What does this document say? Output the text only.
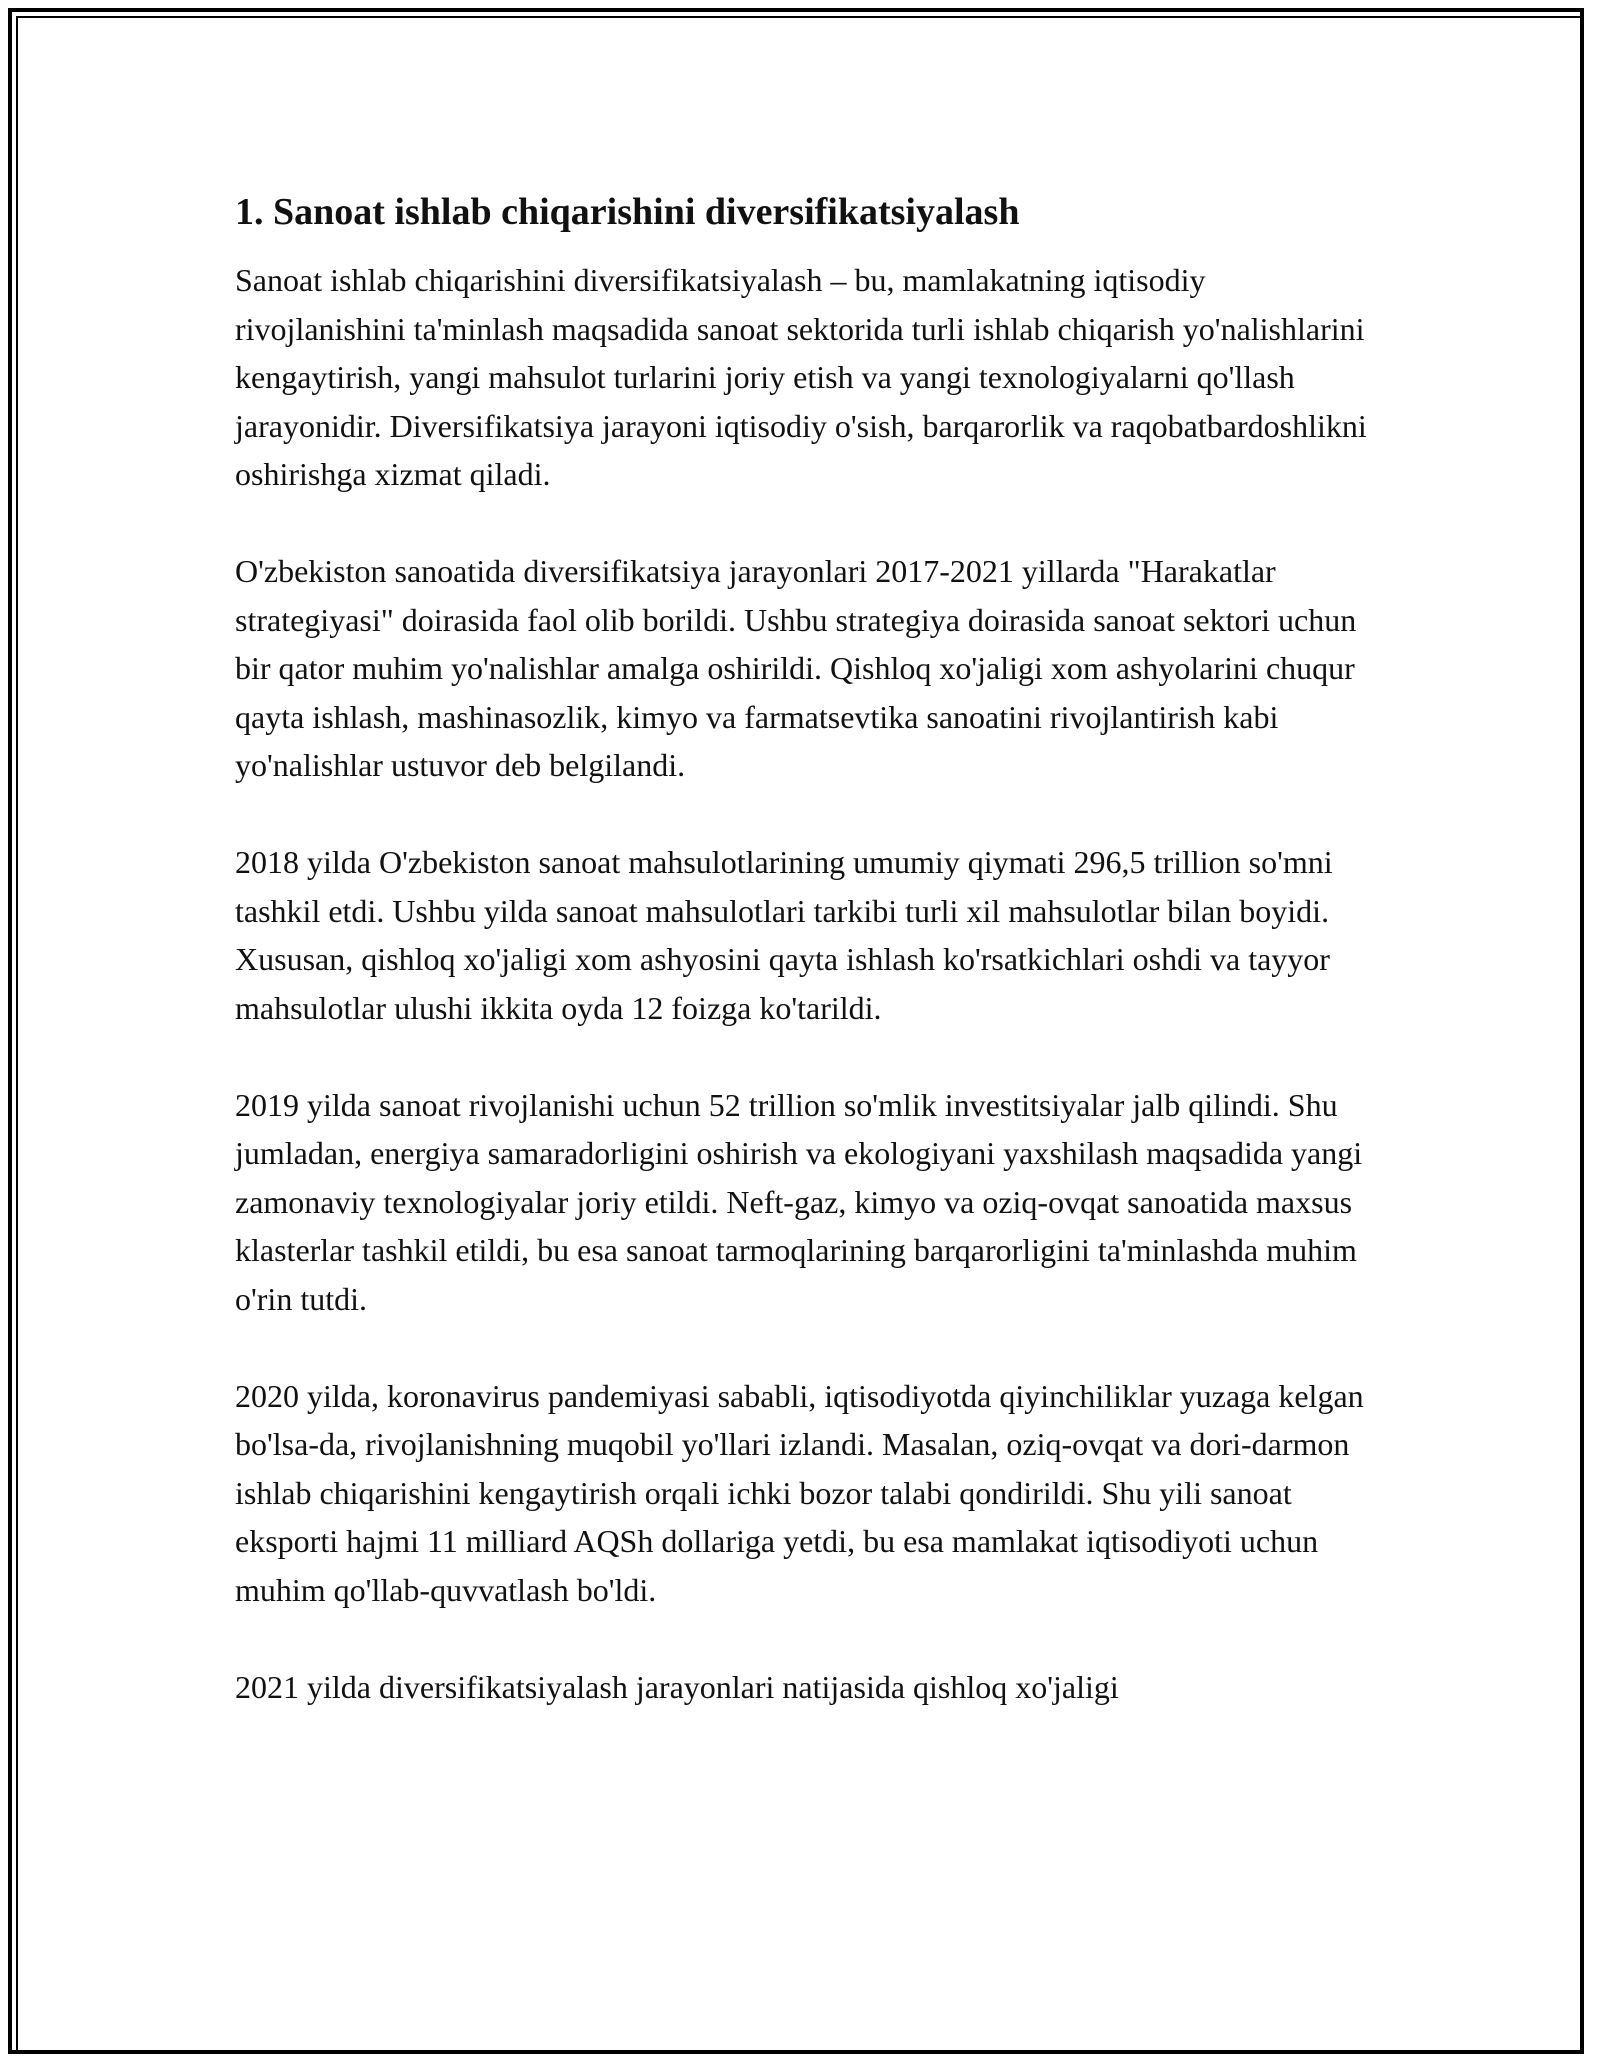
1. Sanoat ishlab chiqarishini diversifikatsiyalash

Sanoat ishlab chiqarishini diversifikatsiyalash – bu, mamlakatning iqtisodiy rivojlanishini ta'minlash maqsadida sanoat sektorida turli ishlab chiqarish yo'nalishlarini kengaytirish, yangi mahsulot turlarini joriy etish va yangi texnologiyalarni qo'llash jarayonidir. Diversifikatsiya jarayoni iqtisodiy o'sish, barqarorlik va raqobatbardoshlikni oshirishga xizmat qiladi.

O'zbekiston sanoatida diversifikatsiya jarayonlari 2017-2021 yillarda "Harakatlar strategiyasi" doirasida faol olib borildi. Ushbu strategiya doirasida sanoat sektori uchun bir qator muhim yo'nalishlar amalga oshirildi. Qishloq xo'jaligi xom ashyolarini chuqur qayta ishlash, mashinasozlik, kimyo va farmatsevtika sanoatini rivojlantirish kabi yo'nalishlar ustuvor deb belgilandi.

2018 yilda O'zbekiston sanoat mahsulotlarining umumiy qiymati 296,5 trillion so'mni tashkil etdi. Ushbu yilda sanoat mahsulotlari tarkibi turli xil mahsulotlar bilan boyidi. Xususan, qishloq xo'jaligi xom ashyosini qayta ishlash ko'rsatkichlari oshdi va tayyor mahsulotlar ulushi ikkita oyda 12 foizga ko'tarildi.

2019 yilda sanoat rivojlanishi uchun 52 trillion so'mlik investitsiyalar jalb qilindi. Shu jumladan, energiya samaradorligini oshirish va ekologiyani yaxshilash maqsadida yangi zamonaviy texnologiyalar joriy etildi. Neft-gaz, kimyo va oziq-ovqat sanoatida maxsus klasterlar tashkil etildi, bu esa sanoat tarmoqlarining barqarorligini ta'minlashda muhim o'rin tutdi.

2020 yilda, koronavirus pandemiyasi sababli, iqtisodiyotda qiyinchiliklar yuzaga kelgan bo'lsa-da, rivojlanishning muqobil yo'llari izlandi. Masalan, oziq-ovqat va dori-darmon ishlab chiqarishini kengaytirish orqali ichki bozor talabi qondirildi. Shu yili sanoat eksporti hajmi 11 milliard AQSh dollariga yetdi, bu esa mamlakat iqtisodiyoti uchun muhim qo'llab-quvvatlash bo'ldi.

2021 yilda diversifikatsiyalash jarayonlari natijasida qishloq xo'jaligi
